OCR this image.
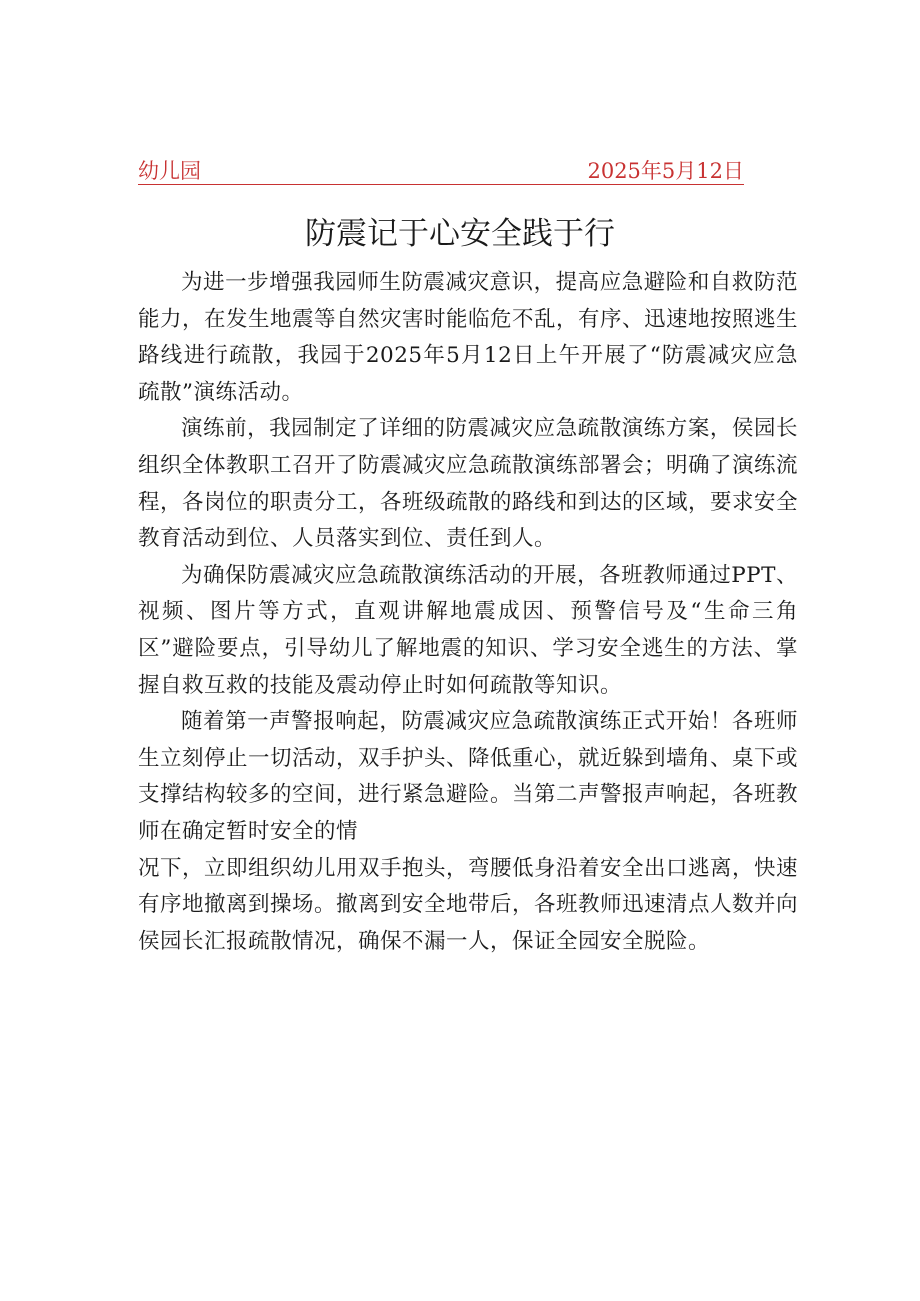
幼儿园	2025年5月12日
防震记于心安全践于行

为进一步增强我园师生防震减灾意识，提高应急避险和自救防范能力，在发生地震等自然灾害时能临危不乱，有序、迅速地按照逃生路线进行疏散，我园于2025年5月12日上午开展了“防震减灾应急疏散”演练活动。

演练前，我园制定了详细的防震减灾应急疏散演练方案，侯园长组织全体教职工召开了防震减灾应急疏散演练部署会；明确了演练流程，各岗位的职责分工，各班级疏散的路线和到达的区域，要求安全教育活动到位、人员落实到位、责任到人。

为确保防震减灾应急疏散演练活动的开展，各班教师通过PPT、视频、图片等方式，直观讲解地震成因、预警信号及“生命三角区”避险要点，引导幼儿了解地震的知识、学习安全逃生的方法、掌握自救互救的技能及震动停止时如何疏散等知识。

随着第一声警报响起，防震减灾应急疏散演练正式开始！各班师生立刻停止一切活动，双手护头、降低重心，就近躲到墙角、桌下或支撑结构较多的空间，进行紧急避险。当第二声警报声响起，各班教师在确定暂时安全的情

况下，立即组织幼儿用双手抱头，弯腰低身沿着安全出口逃离，快速有序地撤离到操场。撤离到安全地带后，各班教师迅速清点人数并向侯园长汇报疏散情况，确保不漏一人，保证全园安全脱险。
